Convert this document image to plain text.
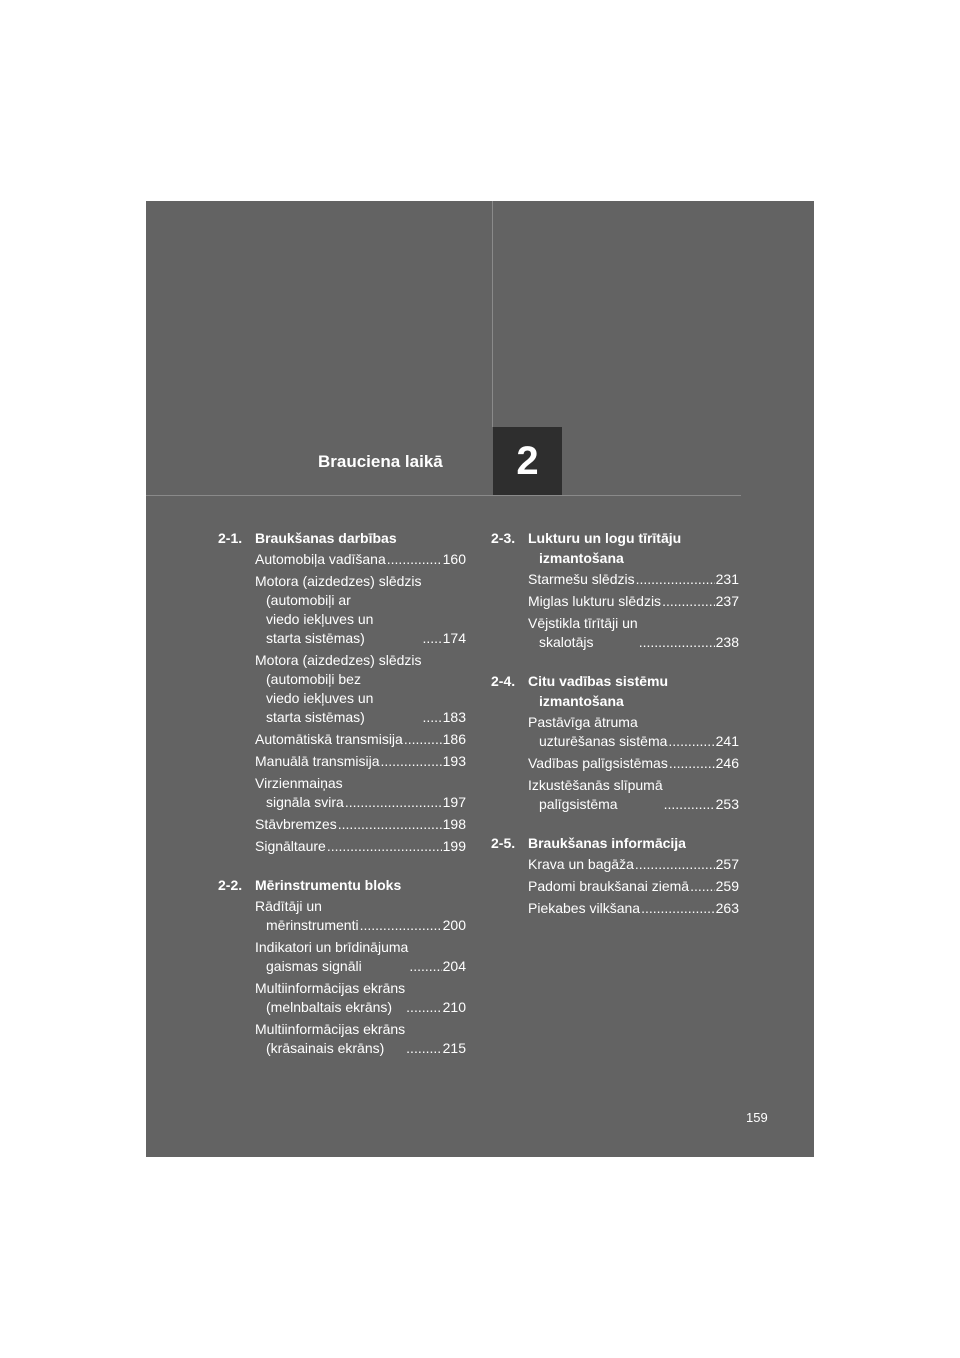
Brauciena laikā	2
2-1. Braukšanas darbības
Automobiļa vadīšana .....	160
Motora (aizdedzes) slēdzis
(automobiļi ar
viedo iekļuves un
starta sistēmas) .....	174
Motora (aizdedzes) slēdzis
(automobiļi bez
viedo iekļuves un
starta sistēmas) .....	183
Automātiskā transmisija .....	186
Manuālā transmisija .....	193
Virzienmaiņas
signāla svira .....	197
Stāvbremzes .....	198
Signāltaure .....	199
2-2. Mērinstrumentu bloks
Rādītāji un
mērinstrumenti .....	200
Indikatori un brīdinājuma
gaismas signāli .....	204
Multiinformācijas ekrāns
(melnbaltais ekrāns) .....	210
Multiinformācijas ekrāns
(krāsainais ekrāns) .....	215
2-3. Lukturu un logu tīrītāju izmantošana
Starmešu slēdzis .....	231
Miglas lukturu slēdzis .....	237
Vējstikla tīrītāji un
skalotājs .....	238
2-4. Citu vadības sistēmu izmantošana
Pastāvīga ātruma
uzturēšanas sistēma .....	241
Vadības palīgsistēmas .....	246
Izkustēšanās slīpumā
palīgsistēma .....	253
2-5. Braukšanas informācija
Krava un bagāža .....	257
Padomi braukšanai ziemā ..... 259
Piekabes vilkšana .....	263
159
